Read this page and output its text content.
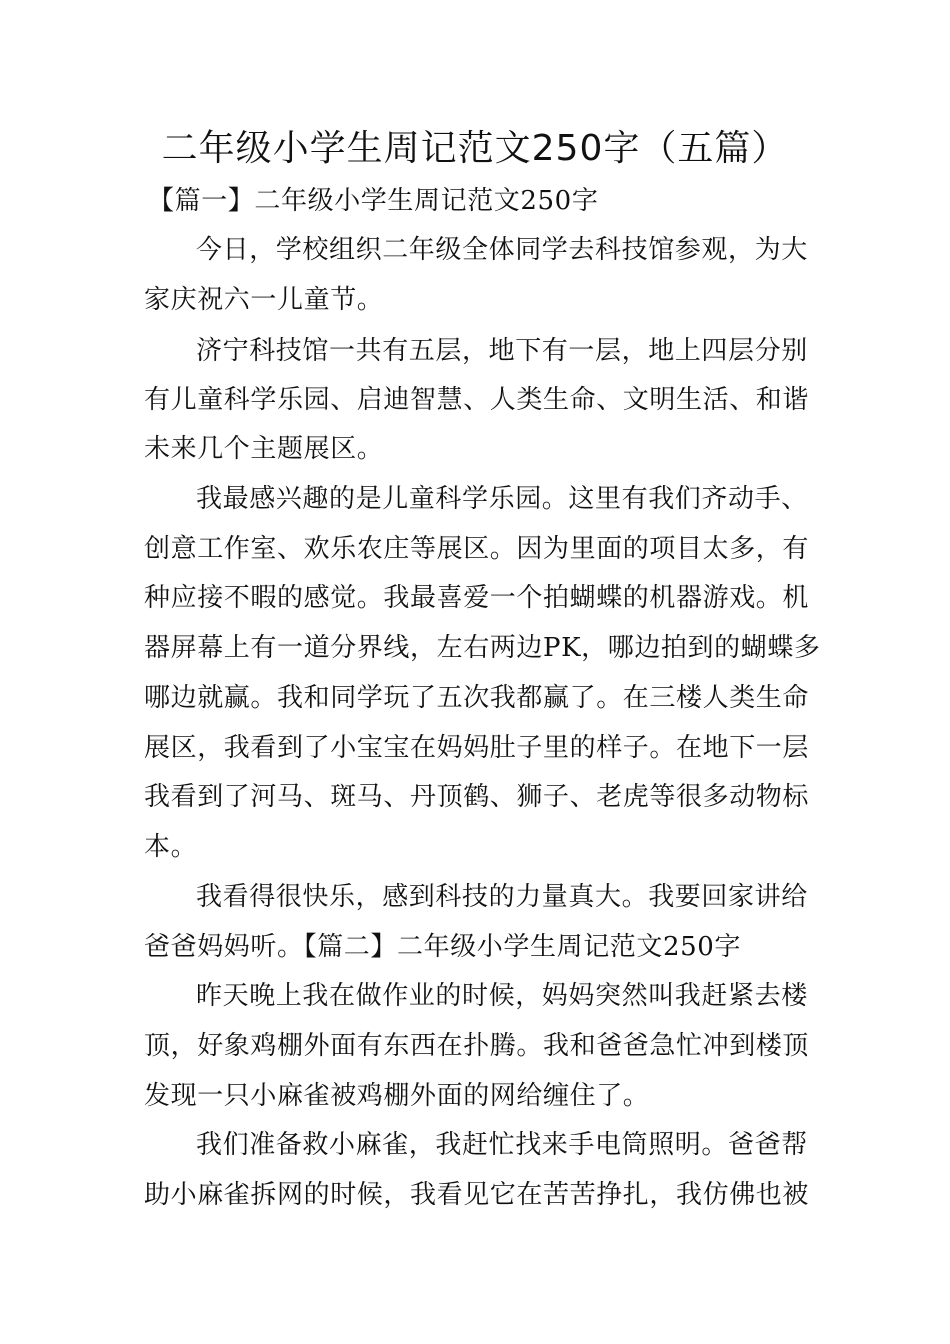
二年级小学生周记范文250字（五篇）
【篇一】二年级小学生周记范文250字
今日，学校组织二年级全体同学去科技馆参观，为大
家庆祝六一儿童节。
济宁科技馆一共有五层，地下有一层，地上四层分别
有儿童科学乐园、启迪智慧、人类生命、文明生活、和谐
未来几个主题展区。
我最感兴趣的是儿童科学乐园。这里有我们齐动手、
创意工作室、欢乐农庄等展区。因为里面的项目太多，有
种应接不暇的感觉。我最喜爱一个拍蝴蝶的机器游戏。机
器屏幕上有一道分界线，左右两边PK，哪边拍到的蝴蝶多
哪边就赢。我和同学玩了五次我都赢了。在三楼人类生命
展区，我看到了小宝宝在妈妈肚子里的样子。在地下一层
我看到了河马、斑马、丹顶鹤、狮子、老虎等很多动物标
本。
我看得很快乐，感到科技的力量真大。我要回家讲给
爸爸妈妈听。【篇二】二年级小学生周记范文250字
昨天晚上我在做作业的时候，妈妈突然叫我赶紧去楼
顶，好象鸡棚外面有东西在扑腾。我和爸爸急忙冲到楼顶
发现一只小麻雀被鸡棚外面的网给缠住了。
我们准备救小麻雀，我赶忙找来手电筒照明。爸爸帮
助小麻雀拆网的时候，我看见它在苦苦挣扎，我仿佛也被
